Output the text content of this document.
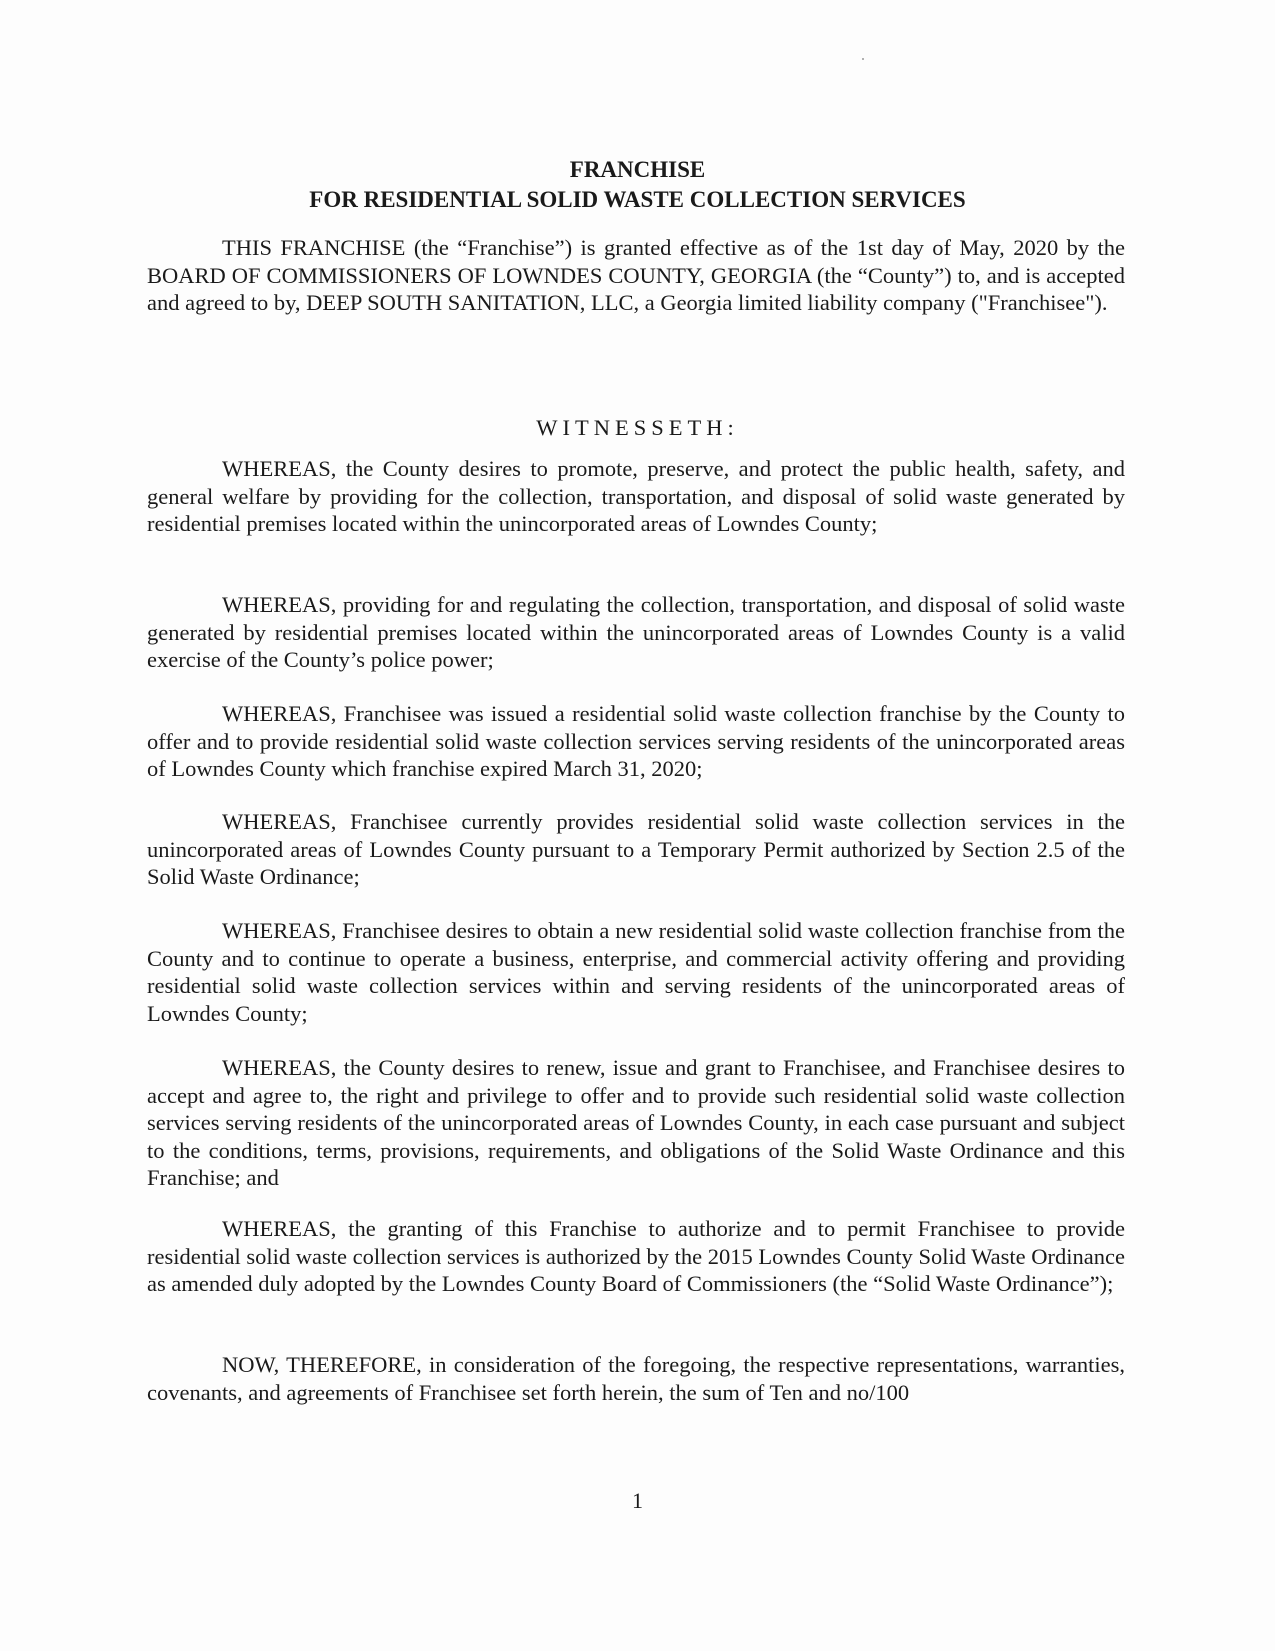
FRANCHISE
FOR RESIDENTIAL SOLID WASTE COLLECTION SERVICES

THIS FRANCHISE (the “Franchise”) is granted effective as of the 1st day of May, 2020 by the BOARD OF COMMISSIONERS OF LOWNDES COUNTY, GEORGIA (the “County”) to, and is accepted and agreed to by, DEEP SOUTH SANITATION, LLC, a Georgia limited liability company ("Franchisee").

WITNESSETH:

WHEREAS, the County desires to promote, preserve, and protect the public health, safety, and general welfare by providing for the collection, transportation, and disposal of solid waste generated by residential premises located within the unincorporated areas of Lowndes County;

WHEREAS, providing for and regulating the collection, transportation, and disposal of solid waste generated by residential premises located within the unincorporated areas of Lowndes County is a valid exercise of the County’s police power;

WHEREAS, Franchisee was issued a residential solid waste collection franchise by the County to offer and to provide residential solid waste collection services serving residents of the unincorporated areas of Lowndes County which franchise expired March 31, 2020;

WHEREAS, Franchisee currently provides residential solid waste collection services in the unincorporated areas of Lowndes County pursuant to a Temporary Permit authorized by Section 2.5 of the Solid Waste Ordinance;

WHEREAS, Franchisee desires to obtain a new residential solid waste collection franchise from the County and to continue to operate a business, enterprise, and commercial activity offering and providing residential solid waste collection services within and serving residents of the unincorporated areas of Lowndes County;

WHEREAS, the County desires to renew, issue and grant to Franchisee, and Franchisee desires to accept and agree to, the right and privilege to offer and to provide such residential solid waste collection services serving residents of the unincorporated areas of Lowndes County, in each case pursuant and subject to the conditions, terms, provisions, requirements, and obligations of the Solid Waste Ordinance and this Franchise; and

WHEREAS, the granting of this Franchise to authorize and to permit Franchisee to provide residential solid waste collection services is authorized by the 2015 Lowndes County Solid Waste Ordinance as amended duly adopted by the Lowndes County Board of Commissioners (the “Solid Waste Ordinance”);

NOW, THEREFORE, in consideration of the foregoing, the respective representations, warranties, covenants, and agreements of Franchisee set forth herein, the sum of Ten and no/100

1
